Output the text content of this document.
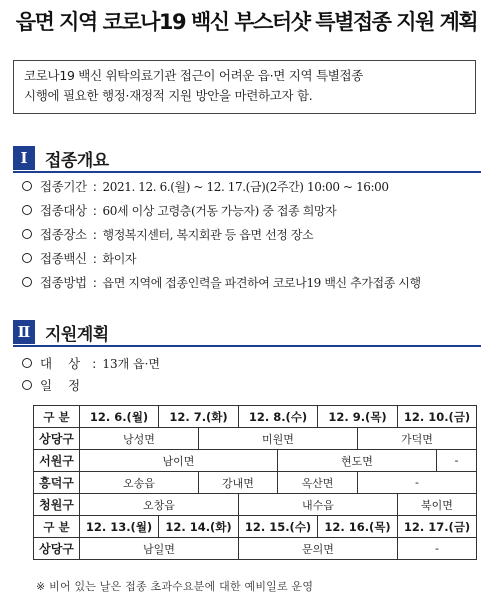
읍면 지역 코로나19 백신 부스터샷 특별접종 지원 계획
코로나19 백신 위탁의료기관 접근이 어려운 읍·면 지역 특별접종
시행에 필요한 행정·재정적 지원 방안을 마련하고자 함.
Ⅰ	접종개요
접종기간 : 2021. 12. 6.(월) ~ 12. 17.(금)(2주간) 10:00 ~ 16:00
접종대상 : 60세 이상 고령층(거동 가능자) 중 접종 희망자
접종장소 : 행정복지센터, 복지회관 등 읍면 선정 장소
접종백신 : 화이자
접종방법 : 읍면 지역에 접종인력을 파견하여 코로나19 백신 추가접종 시행
Ⅱ 지원계획
대 상 : 13개 읍·면
일 정
구 분	12. 6.(월)	12. 7.(화)		12. 8.(수)		12. 9.(목)		12. 10.(금)	
상당구	낭성면		미원면				가덕면		
서원구	남이면				현도면				-
흥덕구	오송읍		강내면		옥산면		-		
청원구	오창읍			내수읍				북이면	
구 분	12. 13.(월)	12. 14.(화)		12. 15.(수)		12. 16.(목)		12. 17.(금)	
상당구	남일면			문의면				-	
※ 비어 있는 날은 접종 초과수요분에 대한 예비일로 운영
